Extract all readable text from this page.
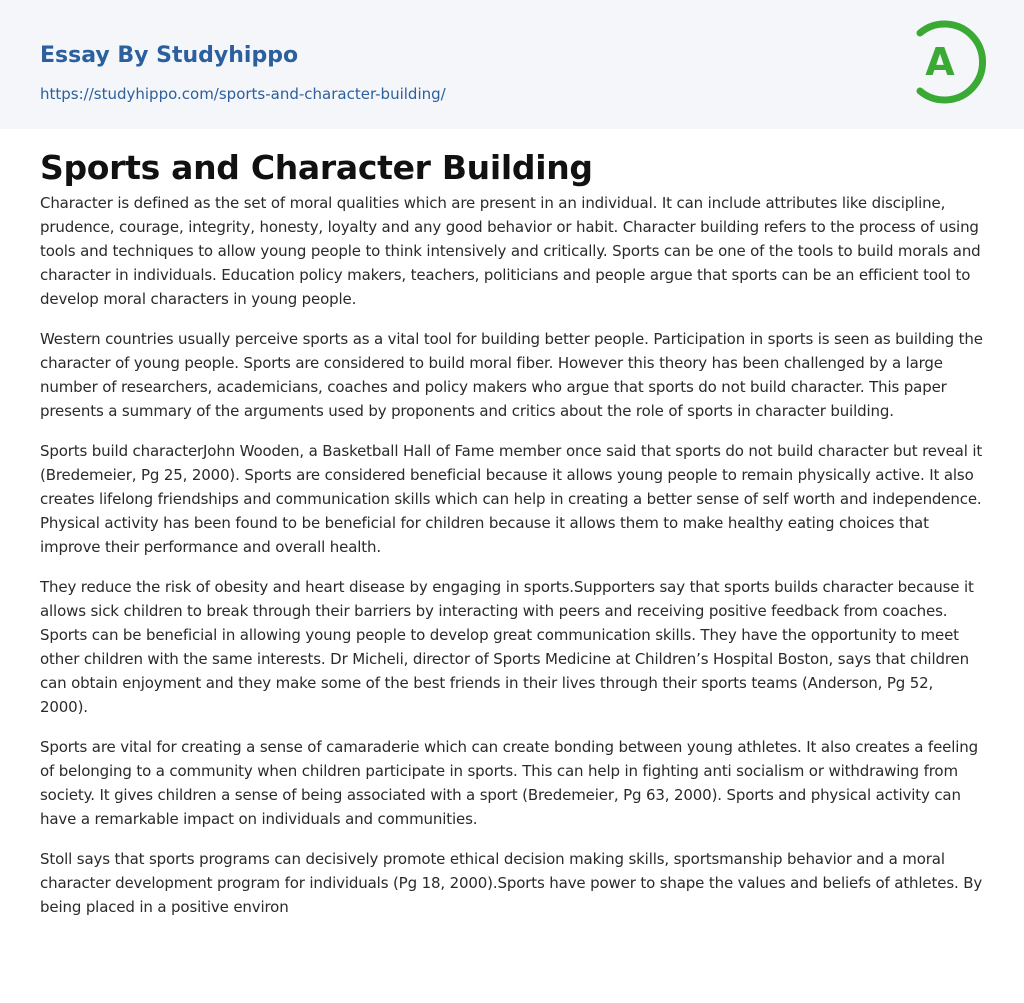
Essay By Studyhippo
https://studyhippo.com/sports-and-character-building/
A
Sports and Character Building

Character is defined as the set of moral qualities which are present in an individual. It can include attributes like discipline, prudence, courage, integrity, honesty, loyalty and any good behavior or habit. Character building refers to the process of using tools and techniques to allow young people to think intensively and critically. Sports can be one of the tools to build morals and character in individuals. Education policy makers, teachers, politicians and people argue that sports can be an efficient tool to develop moral characters in young people.

Western countries usually perceive sports as a vital tool for building better people. Participation in sports is seen as building the character of young people. Sports are considered to build moral fiber. However this theory has been challenged by a large number of researchers, academicians, coaches and policy makers who argue that sports do not build character. This paper presents a summary of the arguments used by proponents and critics about the role of sports in character building.

Sports build characterJohn Wooden, a Basketball Hall of Fame member once said that sports do not build character but reveal it (Bredemeier, Pg 25, 2000). Sports are considered beneficial because it allows young people to remain physically active. It also creates lifelong friendships and communication skills which can help in creating a better sense of self worth and independence. Physical activity has been found to be beneficial for children because it allows them to make healthy eating choices that improve their performance and overall health.

They reduce the risk of obesity and heart disease by engaging in sports.Supporters say that sports builds character because it allows sick children to break through their barriers by interacting with peers and receiving positive feedback from coaches. Sports can be beneficial in allowing young people to develop great communication skills. They have the opportunity to meet other children with the same interests. Dr Micheli, director of Sports Medicine at Children’s Hospital Boston, says that children can obtain enjoyment and they make some of the best friends in their lives through their sports teams (Anderson, Pg 52, 2000).

Sports are vital for creating a sense of camaraderie which can create bonding between young athletes. It also creates a feeling of belonging to a community when children participate in sports. This can help in fighting anti socialism or withdrawing from society. It gives children a sense of being associated with a sport (Bredemeier, Pg 63, 2000). Sports and physical activity can have a remarkable impact on individuals and communities.

Stoll says that sports programs can decisively promote ethical decision making skills, sportsmanship behavior and a moral character development program for individuals (Pg 18, 2000).Sports have power to shape the values and beliefs of athletes. By being placed in a positive environ
